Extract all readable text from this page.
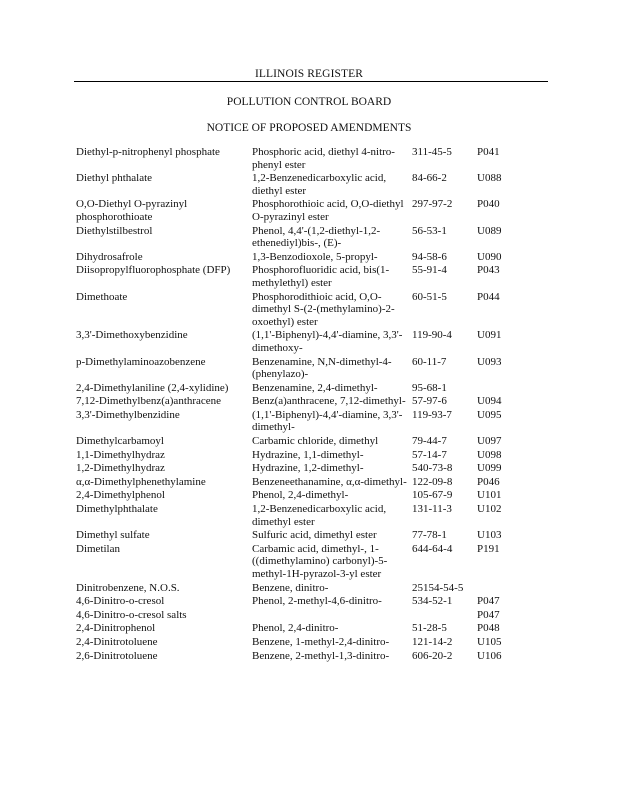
ILLINOIS REGISTER
POLLUTION CONTROL BOARD
NOTICE OF PROPOSED AMENDMENTS
Diethyl-p-nitrophenyl phosphate	Phosphoric acid, diethyl 4-nitro-phenyl ester	311-45-5	P041
Diethyl phthalate	1,2-Benzenedicarboxylic acid, diethyl ester	84-66-2	U088
O,O-Diethyl O-pyrazinyl phosphorothioate	Phosphorothioic acid, O,O-diethyl O-pyrazinyl ester	297-97-2	P040
Diethylstilbestrol	Phenol, 4,4'-(1,2-diethyl-1,2-ethenediyl)bis-, (E)-	56-53-1	U089
Dihydrosafrole	1,3-Benzodioxole, 5-propyl-	94-58-6	U090
Diisopropylfluorophosphate (DFP)	Phosphorofluoridic acid, bis(1-methylethyl) ester	55-91-4	P043
Dimethoate	Phosphorodithioic acid, O,O-dimethyl S-(2-(methylamino)-2-oxoethyl) ester	60-51-5	P044
3,3'-Dimethoxybenzidine	(1,1'-Biphenyl)-4,4'-diamine, 3,3'-dimethoxy-	119-90-4	U091
p-Dimethylaminoazobenzene	Benzenamine, N,N-dimethyl-4-(phenylazo)-	60-11-7	U093
2,4-Dimethylaniline (2,4-xylidine)	Benzenamine, 2,4-dimethyl-	95-68-1	
7,12-Dimethylbenz(a)anthracene	Benz(a)anthracene, 7,12-dimethyl-	57-97-6	U094
3,3'-Dimethylbenzidine	(1,1'-Biphenyl)-4,4'-diamine, 3,3'-dimethyl-	119-93-7	U095
Dimethylcarbamoyl	Carbamic chloride, dimethyl	79-44-7	U097
1,1-Dimethylhydraz	Hydrazine, 1,1-dimethyl-	57-14-7	U098
1,2-Dimethylhydraz	Hydrazine, 1,2-dimethyl-	540-73-8	U099
α,α-Dimethylphenethylamine	Benzeneethanamine, α,α-dimethyl-	122-09-8	P046
2,4-Dimethylphenol	Phenol, 2,4-dimethyl-	105-67-9	U101
Dimethylphthalate	1,2-Benzenedicarboxylic acid, dimethyl ester	131-11-3	U102
Dimethyl sulfate	Sulfuric acid, dimethyl ester	77-78-1	U103
Dimetilan	Carbamic acid, dimethyl-, 1-((dimethylamino) carbonyl)-5-methyl-1H-pyrazol-3-yl ester	644-64-4	P191
Dinitrobenzene, N.O.S.	Benzene, dinitro-	25154-54-5	
4,6-Dinitro-o-cresol	Phenol, 2-methyl-4,6-dinitro-	534-52-1	P047
4,6-Dinitro-o-cresol salts			P047
2,4-Dinitrophenol	Phenol, 2,4-dinitro-	51-28-5	P048
2,4-Dinitrotoluene	Benzene, 1-methyl-2,4-dinitro-	121-14-2	U105
2,6-Dinitrotoluene	Benzene, 2-methyl-1,3-dinitro-	606-20-2	U106
